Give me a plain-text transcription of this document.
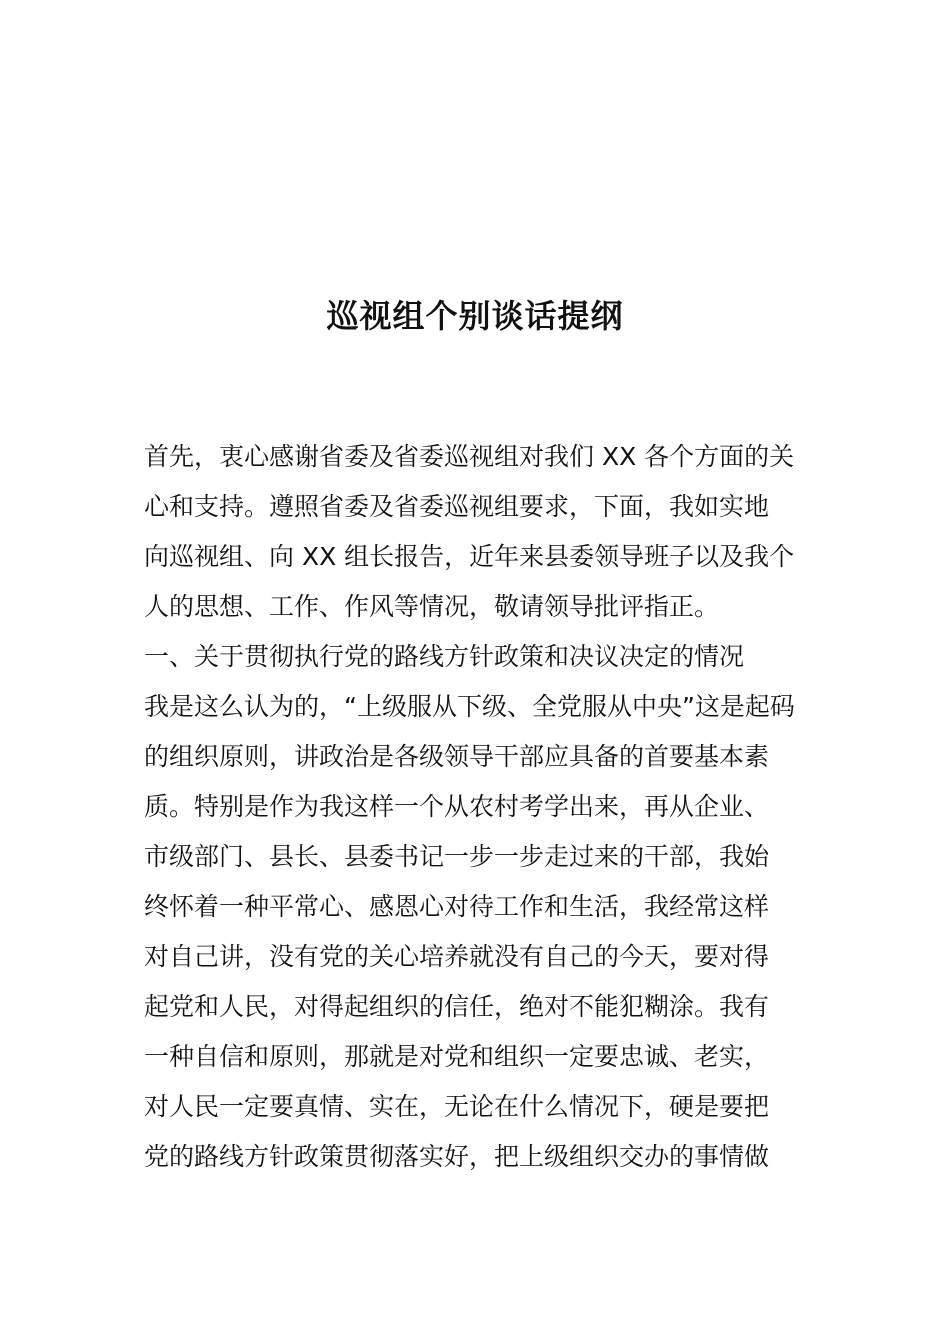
巡视组个别谈话提纲
首先，衷心感谢省委及省委巡视组对我们 XX 各个方面的关
心和支持。遵照省委及省委巡视组要求，下面，我如实地
向巡视组、向 XX 组长报告，近年来县委领导班子以及我个
人的思想、工作、作风等情况，敬请领导批评指正。
一、关于贯彻执行党的路线方针政策和决议决定的情况
我是这么认为的，“上级服从下级、全党服从中央”这是起码
的组织原则，讲政治是各级领导干部应具备的首要基本素
质。特别是作为我这样一个从农村考学出来，再从企业、
市级部门、县长、县委书记一步一步走过来的干部，我始
终怀着一种平常心、感恩心对待工作和生活，我经常这样
对自己讲，没有党的关心培养就没有自己的今天，要对得
起党和人民，对得起组织的信任，绝对不能犯糊涂。我有
一种自信和原则，那就是对党和组织一定要忠诚、老实，
对人民一定要真情、实在，无论在什么情况下，硬是要把
党的路线方针政策贯彻落实好，把上级组织交办的事情做
